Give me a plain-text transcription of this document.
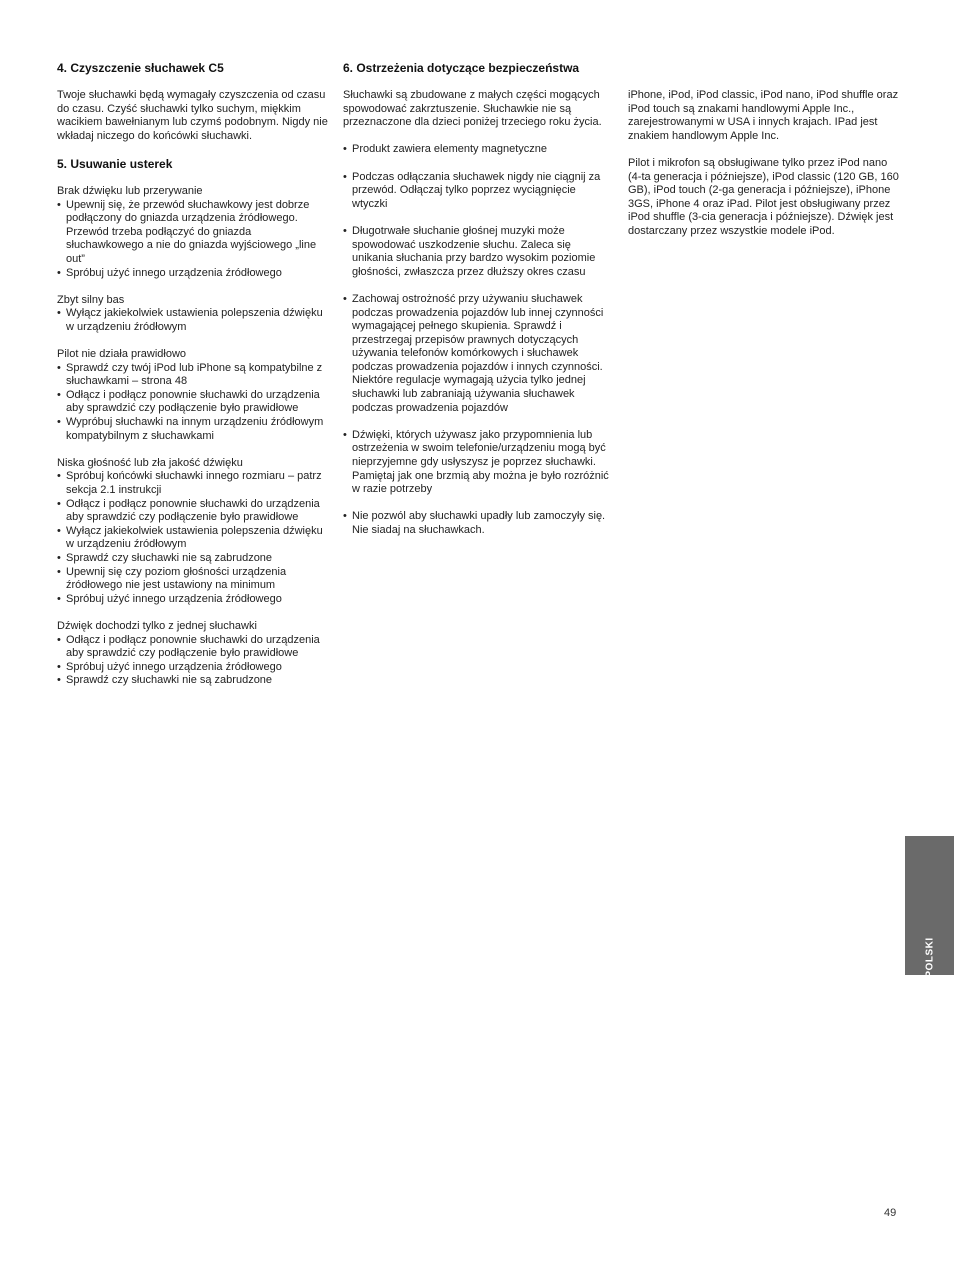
4. Czyszczenie słuchawek C5

Twoje słuchawki będą wymagały czyszczenia od czasu do czasu. Czyść słuchawki tylko suchym, miękkim wacikiem bawełnianym lub czymś podobnym. Nigdy nie wkładaj niczego do końcówki słuchawki.

5. Usuwanie usterek
Brak dźwięku lub przerywanie
• Upewnij się, że przewód słuchawkowy jest dobrze podłączony do gniazda urządzenia źródłowego. Przewód trzeba podłączyć do gniazda słuchawkowego a nie do gniazda wyjściowego „line out”
• Spróbuj użyć innego urządzenia źródłowego
Zbyt silny bas
• Wyłącz jakiekolwiek ustawienia polepszenia dźwięku w urządzeniu źródłowym
Pilot nie działa prawidłowo
• Sprawdź czy twój iPod lub iPhone są kompatybilne z słuchawkami – strona 48
• Odłącz i podłącz ponownie słuchawki do urządzenia aby sprawdzić czy podłączenie było prawidłowe
• Wypróbuj słuchawki na innym urządzeniu źródłowym kompatybilnym z słuchawkami
Niska głośność lub zła jakość dźwięku
• Spróbuj końcówki słuchawki innego rozmiaru – patrz sekcja 2.1 instrukcji
• Odłącz i podłącz ponownie słuchawki do urządzenia aby sprawdzić czy podłączenie było prawidłowe
• Wyłącz jakiekolwiek ustawienia polepszenia dźwięku w urządzeniu źródłowym
• Sprawdź czy słuchawki nie są zabrudzone
• Upewnij się czy poziom głośności urządzenia źródłowego nie jest ustawiony na minimum
• Spróbuj użyć innego urządzenia źródłowego
Dźwięk dochodzi tylko z jednej słuchawki
• Odłącz i podłącz ponownie słuchawki do urządzenia aby sprawdzić czy podłączenie było prawidłowe
• Spróbuj użyć innego urządzenia źródłowego
• Sprawdź czy słuchawki nie są zabrudzone
6. Ostrzeżenia dotyczące bezpieczeństwa

Słuchawki są zbudowane z małych części mogących spowodować zakrztuszenie. Słuchawkie nie są przeznaczone dla dzieci poniżej trzeciego roku życia.

• Produkt zawiera elementy magnetyczne
• Podczas odłączania słuchawek nigdy nie ciągnij za przewód. Odłączaj tylko poprzez wyciągnięcie wtyczki
• Długotrwałe słuchanie głośnej muzyki może spowodować uszkodzenie słuchu. Zaleca się unikania słuchania przy bardzo wysokim poziomie głośności, zwłaszcza przez dłuższy okres czasu
• Zachowaj ostrożność przy używaniu słuchawek podczas prowadzenia pojazdów lub innej czynności wymagającej pełnego skupienia. Sprawdź i przestrzegaj przepisów prawnych dotyczących używania telefonów komórkowych i słuchawek podczas prowadzenia pojazdów i innych czynności. Niektóre regulacje wymagają użycia tylko jednej słuchawki lub zabraniają używania słuchawek podczas prowadzenia pojazdów
• Dźwięki, których używasz jako przypomnienia lub ostrzeżenia w swoim telefonie/urządzeniu mogą być nieprzyjemne gdy usłyszysz je poprzez słuchawki. Pamiętaj jak one brzmią aby można je było rozróżnić w razie potrzeby
• Nie pozwól aby słuchawki upadły lub zamoczyły się. Nie siadaj na słuchawkach.

iPhone, iPod, iPod classic, iPod nano, iPod shuffle oraz iPod touch są znakami handlowymi Apple Inc., zarejestrowanymi w USA i innych krajach. IPad jest znakiem handlowym Apple Inc.

Pilot i mikrofon są obsługiwane tylko przez iPod nano (4-ta generacja i późniejsze), iPod classic (120 GB, 160 GB), iPod touch (2-ga generacja i późniejsze), iPhone 3GS, iPhone 4 oraz iPad. Pilot jest obsługiwany przez iPod shuffle (3-cia generacja i późniejsze). Dźwięk jest dostarczany przez wszystkie modele iPod.

POLSKI
49
